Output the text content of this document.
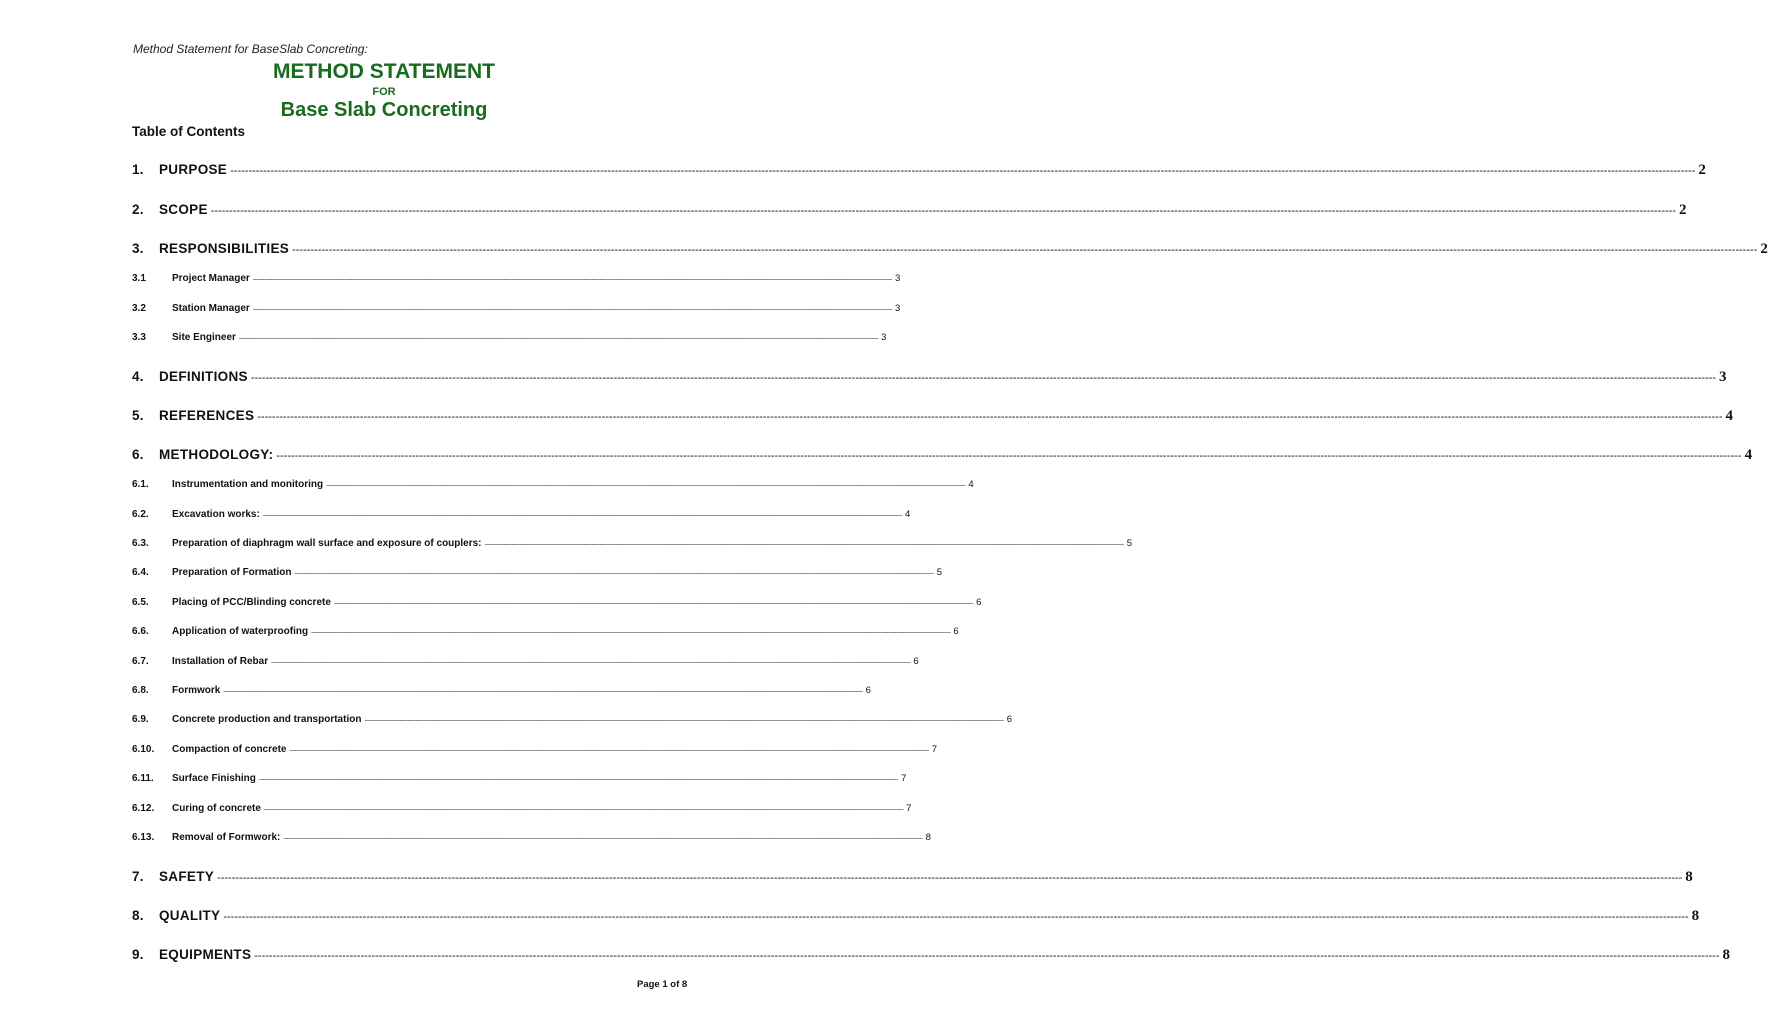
Method Statement for BaseSlab Concreting:
METHOD STATEMENT
FOR
Base Slab Concreting
Table of Contents
1.	PURPOSE ---------------------------------------------------------------------------------------------------------------------------------------------------------------------------------------------------------------------------------------------------------------------------------------------------------------------------------------------------------------------------------------------------------------- 2
2.	SCOPE ---------------------------------------------------------------------------------------------------------------------------------------------------------------------------------------------------------------------------------------------------------------------------------------------------------------------------------------------------------------------------------------------------------------- 2
3.	RESPONSIBILITIES ---------------------------------------------------------------------------------------------------------------------------------------------------------------------------------------------------------------------------------------------------------------------------------------------------------------------------------------------------------------------------------------------------------------- 2
3.1	Project Manager ---------------------------------------------------------------------------------------------------------------------------------------------------------------------------------------------------------------------------------------------------------------------------------------------------------------------------------------------------------------------------------------------------------------- 3
3.2	Station Manager ---------------------------------------------------------------------------------------------------------------------------------------------------------------------------------------------------------------------------------------------------------------------------------------------------------------------------------------------------------------------------------------------------------------- 3
3.3	Site Engineer ---------------------------------------------------------------------------------------------------------------------------------------------------------------------------------------------------------------------------------------------------------------------------------------------------------------------------------------------------------------------------------------------------------------- 3
4.	DEFINITIONS ---------------------------------------------------------------------------------------------------------------------------------------------------------------------------------------------------------------------------------------------------------------------------------------------------------------------------------------------------------------------------------------------------------------- 3
5.	REFERENCES ---------------------------------------------------------------------------------------------------------------------------------------------------------------------------------------------------------------------------------------------------------------------------------------------------------------------------------------------------------------------------------------------------------------- 4
6.	METHODOLOGY: ---------------------------------------------------------------------------------------------------------------------------------------------------------------------------------------------------------------------------------------------------------------------------------------------------------------------------------------------------------------------------------------------------------------- 4
6.1.	Instrumentation and monitoring ---------------------------------------------------------------------------------------------------------------------------------------------------------------------------------------------------------------------------------------------------------------------------------------------------------------------------------------------------------------------------------------------------------------- 4
6.2.	Excavation works: ---------------------------------------------------------------------------------------------------------------------------------------------------------------------------------------------------------------------------------------------------------------------------------------------------------------------------------------------------------------------------------------------------------------- 4
6.3.	Preparation of diaphragm wall surface and exposure of couplers: ---------------------------------------------------------------------------------------------------------------------------------------------------------------------------------------------------------------------------------------------------------------------------------------------------------------------------------------------------------------------------------------------------------------- 5
6.4.	Preparation of Formation ---------------------------------------------------------------------------------------------------------------------------------------------------------------------------------------------------------------------------------------------------------------------------------------------------------------------------------------------------------------------------------------------------------------- 5
6.5.	Placing of PCC/Blinding concrete ---------------------------------------------------------------------------------------------------------------------------------------------------------------------------------------------------------------------------------------------------------------------------------------------------------------------------------------------------------------------------------------------------------------- 6
6.6.	Application of waterproofing ---------------------------------------------------------------------------------------------------------------------------------------------------------------------------------------------------------------------------------------------------------------------------------------------------------------------------------------------------------------------------------------------------------------- 6
6.7.	Installation of Rebar ---------------------------------------------------------------------------------------------------------------------------------------------------------------------------------------------------------------------------------------------------------------------------------------------------------------------------------------------------------------------------------------------------------------- 6
6.8.	Formwork ---------------------------------------------------------------------------------------------------------------------------------------------------------------------------------------------------------------------------------------------------------------------------------------------------------------------------------------------------------------------------------------------------------------- 6
6.9.	Concrete production and transportation ---------------------------------------------------------------------------------------------------------------------------------------------------------------------------------------------------------------------------------------------------------------------------------------------------------------------------------------------------------------------------------------------------------------- 6
6.10.	Compaction of concrete ---------------------------------------------------------------------------------------------------------------------------------------------------------------------------------------------------------------------------------------------------------------------------------------------------------------------------------------------------------------------------------------------------------------- 7
6.11.	Surface Finishing ---------------------------------------------------------------------------------------------------------------------------------------------------------------------------------------------------------------------------------------------------------------------------------------------------------------------------------------------------------------------------------------------------------------- 7
6.12.	Curing of concrete ---------------------------------------------------------------------------------------------------------------------------------------------------------------------------------------------------------------------------------------------------------------------------------------------------------------------------------------------------------------------------------------------------------------- 7
6.13.	Removal of Formwork: ---------------------------------------------------------------------------------------------------------------------------------------------------------------------------------------------------------------------------------------------------------------------------------------------------------------------------------------------------------------------------------------------------------------- 8
7.	SAFETY ---------------------------------------------------------------------------------------------------------------------------------------------------------------------------------------------------------------------------------------------------------------------------------------------------------------------------------------------------------------------------------------------------------------- 8
8.	QUALITY ---------------------------------------------------------------------------------------------------------------------------------------------------------------------------------------------------------------------------------------------------------------------------------------------------------------------------------------------------------------------------------------------------------------- 8
9.	EQUIPMENTS ---------------------------------------------------------------------------------------------------------------------------------------------------------------------------------------------------------------------------------------------------------------------------------------------------------------------------------------------------------------------------------------------------------------- 8
Page 1 of 8
